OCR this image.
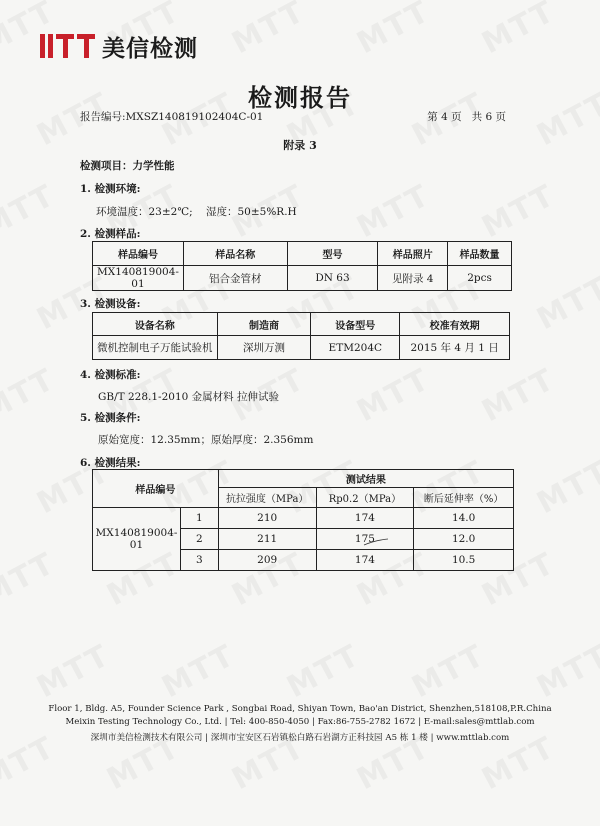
美信检测
检测报告
报告编号:MXSZ140819102404C-01	第 4 页 共 6 页
附录 3
检测项目：力学性能
1. 检测环境:
环境温度：23±2℃; 湿度：50±5%R.H
2. 检测样品:
样品编号	样品名称	型号	样品照片	样品数量
MX140819004-01	铝合金管材	DN 63	见附录 4	2pcs
3. 检测设备:
设备名称	制造商	设备型号	校准有效期
微机控制电子万能试验机	深圳万测	ETM204C	2015 年 4 月 1 日
4. 检测标准:
GB/T 228.1-2010 金属材料 拉伸试验
5. 检测条件:
原始宽度：12.35mm；原始厚度：2.356mm
6. 检测结果:
样品编号		测试结果		
		抗拉强度（MPa）	Rp0.2（MPa）	断后延伸率（%）
MX140819004-01	1	210	174	14.0
	2	211	175	12.0
	3	209	174	10.5
Floor 1, Bldg. A5, Founder Science Park , Songbai Road, Shiyan Town, Bao'an District, Shenzhen,518108,P.R.China
Meixin Testing Technology Co., Ltd. | Tel: 400-850-4050 | Fax:86-755-2782 1672 | E-mail:sales@mttlab.com
深圳市美信检测技术有限公司 | 深圳市宝安区石岩镇松白路石岩湖方正科技园 A5 栋 1 楼 | www.mttlab.com
